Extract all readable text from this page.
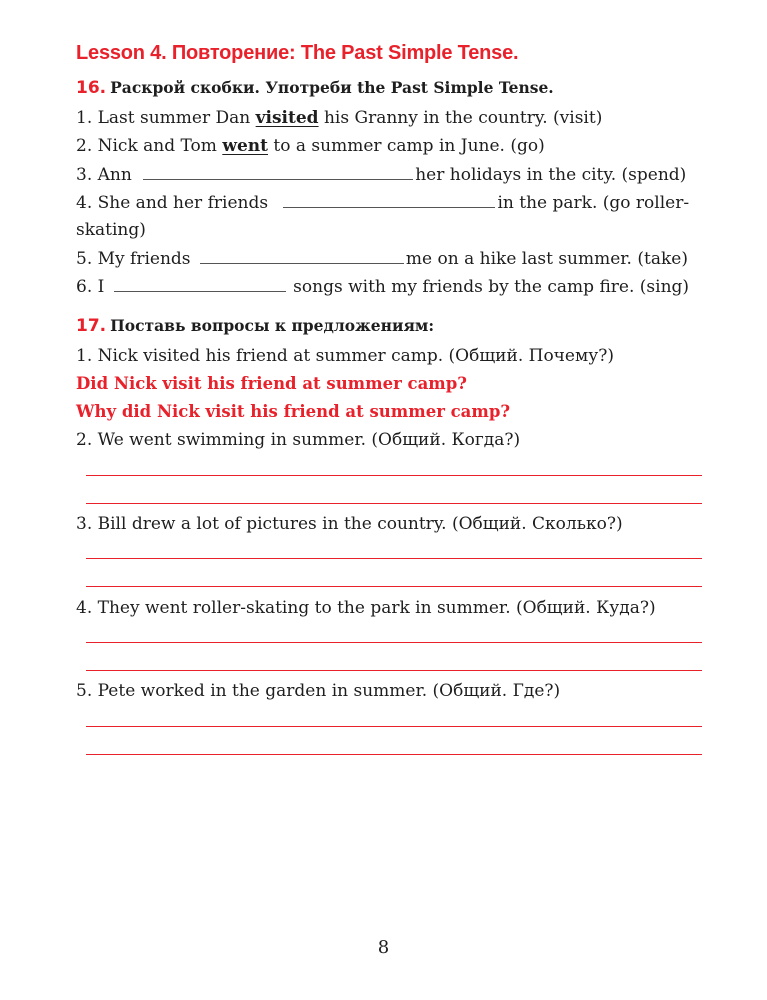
Lesson 4. Повторение: The Past Simple Tense.
16. Раскрой скобки. Употреби the Past Simple Tense.
1. Last summer Dan visited his Granny in the country. (visit)
2. Nick and Tom went to a summer camp in June. (go)
3. Ann	her holidays in the city. (spend)
4. She and her friends	in the park. (go roller-
skating)
5. My friends	me on a hike last summer. (take)
6. I	songs with my friends by the camp fire. (sing)
17. Поставь вопросы к предложениям:
1. Nick visited his friend at summer camp. (Общий. Почему?)
Did Nick visit his friend at summer camp?
Why did Nick visit his friend at summer camp?
2. We went swimming in summer. (Общий. Когда?)
3. Bill drew a lot of pictures in the country. (Общий. Сколько?)
4. They went roller-skating to the park in summer. (Общий. Куда?)
5. Pete worked in the garden in summer. (Общий. Где?)
8
